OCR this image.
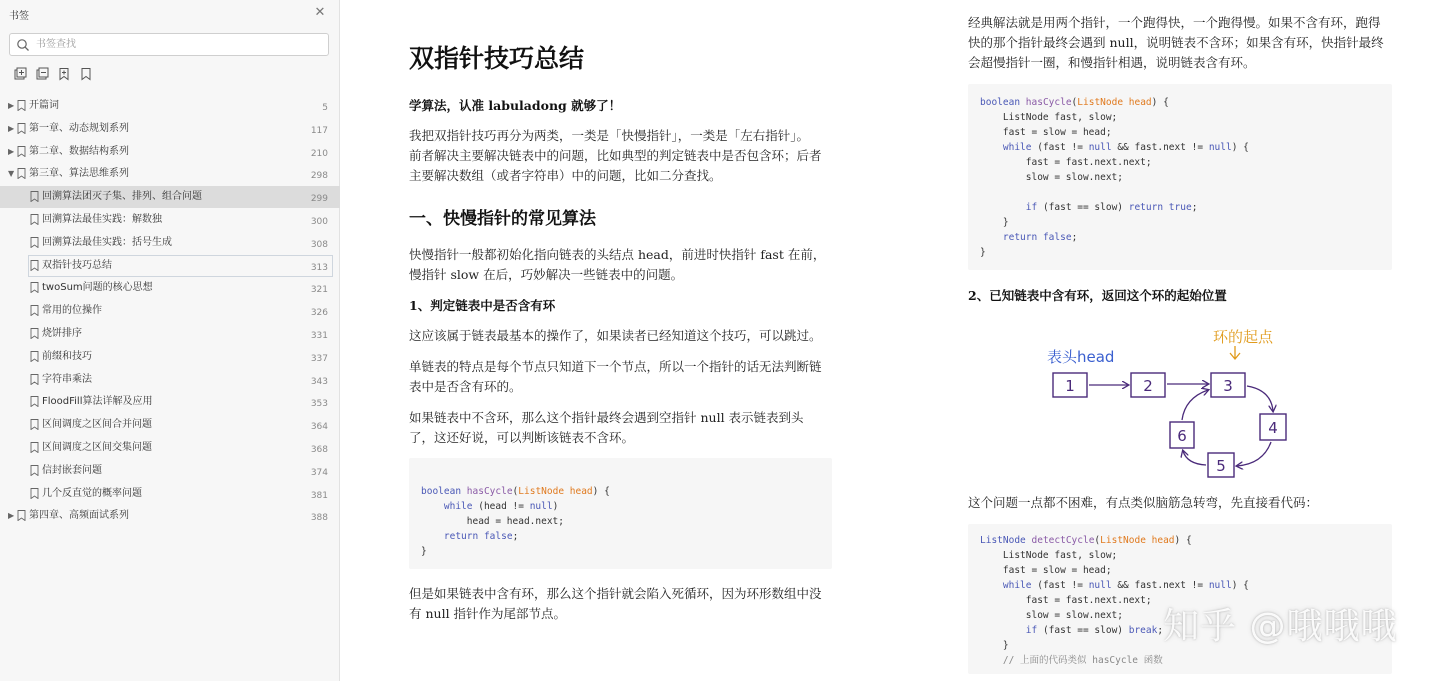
书签	✕
书签查找
▶ 开篇词	5
▶ 第一章、动态规划系列	117
▶ 第二章、数据结构系列	210
▼ 第三章、算法思维系列	298
回溯算法团灭子集、排列、组合问题	299
回溯算法最佳实践：解数独	300
回溯算法最佳实践：括号生成	308
双指针技巧总结	313
twoSum问题的核心思想	321
常用的位操作	326
烧饼排序	331
前缀和技巧	337
字符串乘法	343
FloodFill算法详解及应用	353
区间调度之区间合并问题	364
区间调度之区间交集问题	368
信封嵌套问题	374
几个反直觉的概率问题	381
▶ 第四章、高频面试系列	388
双指针技巧总结
学算法，认准 labuladong 就够了！
我把双指针技巧再分为两类，一类是「快慢指针」，一类是「左右指针」。
前者解决主要解决链表中的问题，比如典型的判定链表中是否包含环；后者
主要解决数组（或者字符串）中的问题，比如二分查找。
一、快慢指针的常见算法
快慢指针一般都初始化指向链表的头结点 head，前进时快指针 fast 在前，
慢指针 slow 在后，巧妙解决一些链表中的问题。
1、判定链表中是否含有环
这应该属于链表最基本的操作了，如果读者已经知道这个技巧，可以跳过。
单链表的特点是每个节点只知道下一个节点，所以一个指针的话无法判断链
表中是否含有环的。
如果链表中不含环，那么这个指针最终会遇到空指针 null 表示链表到头
了，这还好说，可以判断该链表不含环。
boolean hasCycle(ListNode head) {
while (head != null)
head = head.next;
return false;
}
但是如果链表中含有环，那么这个指针就会陷入死循环，因为环形数组中没
有 null 指针作为尾部节点。
经典解法就是用两个指针，一个跑得快，一个跑得慢。如果不含有环，跑得
快的那个指针最终会遇到 null，说明链表不含环；如果含有环，快指针最终
会超慢指针一圈，和慢指针相遇，说明链表含有环。
boolean hasCycle(ListNode head) {
ListNode fast, slow;
fast = slow = head;
while (fast != null && fast.next != null) {
fast = fast.next.next;
slow = slow.next;
if (fast == slow) return true;
}
return false;
}
2、已知链表中含有环，返回这个环的起始位置
表头head
环的起点
1	2	3
4
5
6
这个问题一点都不困难，有点类似脑筋急转弯，先直接看代码：
ListNode detectCycle(ListNode head) {
ListNode fast, slow;
fast = slow = head;
while (fast != null && fast.next != null) {
fast = fast.next.next;
slow = slow.next;
if (fast == slow) break;
}
// 上面的代码类似 hasCycle 函数
知乎 @哦哦哦
